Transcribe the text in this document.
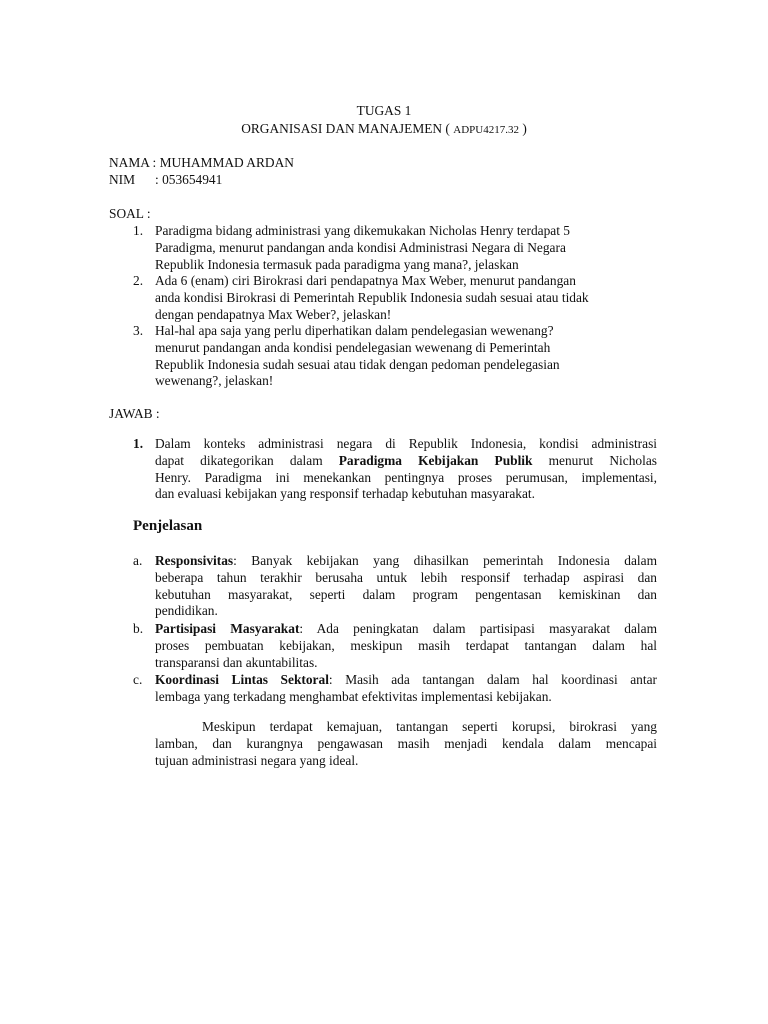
TUGAS 1
ORGANISASI DAN MANAJEMEN ( ADPU4217.32 )
NAMA : MUHAMMAD ARDAN
NIM : 053654941
SOAL :
1. Paradigma bidang administrasi yang dikemukakan Nicholas Henry terdapat 5
Paradigma, menurut pandangan anda kondisi Administrasi Negara di Negara
Republik Indonesia termasuk pada paradigma yang mana?, jelaskan
2. Ada 6 (enam) ciri Birokrasi dari pendapatnya Max Weber, menurut pandangan
anda kondisi Birokrasi di Pemerintah Republik Indonesia sudah sesuai atau tidak
dengan pendapatnya Max Weber?, jelaskan!
3. Hal-hal apa saja yang perlu diperhatikan dalam pendelegasian wewenang?
menurut pandangan anda kondisi pendelegasian wewenang di Pemerintah
Republik Indonesia sudah sesuai atau tidak dengan pedoman pendelegasian
wewenang?, jelaskan!
JAWAB :
1. Dalam konteks administrasi negara di Republik Indonesia, kondisi administrasi
dapat dikategorikan dalam Paradigma Kebijakan Publik menurut Nicholas
Henry. Paradigma ini menekankan pentingnya proses perumusan, implementasi,
dan evaluasi kebijakan yang responsif terhadap kebutuhan masyarakat.
Penjelasan
a. Responsivitas: Banyak kebijakan yang dihasilkan pemerintah Indonesia dalam
beberapa tahun terakhir berusaha untuk lebih responsif terhadap aspirasi dan
kebutuhan masyarakat, seperti dalam program pengentasan kemiskinan dan
pendidikan.
b. Partisipasi Masyarakat: Ada peningkatan dalam partisipasi masyarakat dalam
proses pembuatan kebijakan, meskipun masih terdapat tantangan dalam hal
transparansi dan akuntabilitas.
c. Koordinasi Lintas Sektoral: Masih ada tantangan dalam hal koordinasi antar
lembaga yang terkadang menghambat efektivitas implementasi kebijakan.
Meskipun terdapat kemajuan, tantangan seperti korupsi, birokrasi yang
lamban, dan kurangnya pengawasan masih menjadi kendala dalam mencapai
tujuan administrasi negara yang ideal.
